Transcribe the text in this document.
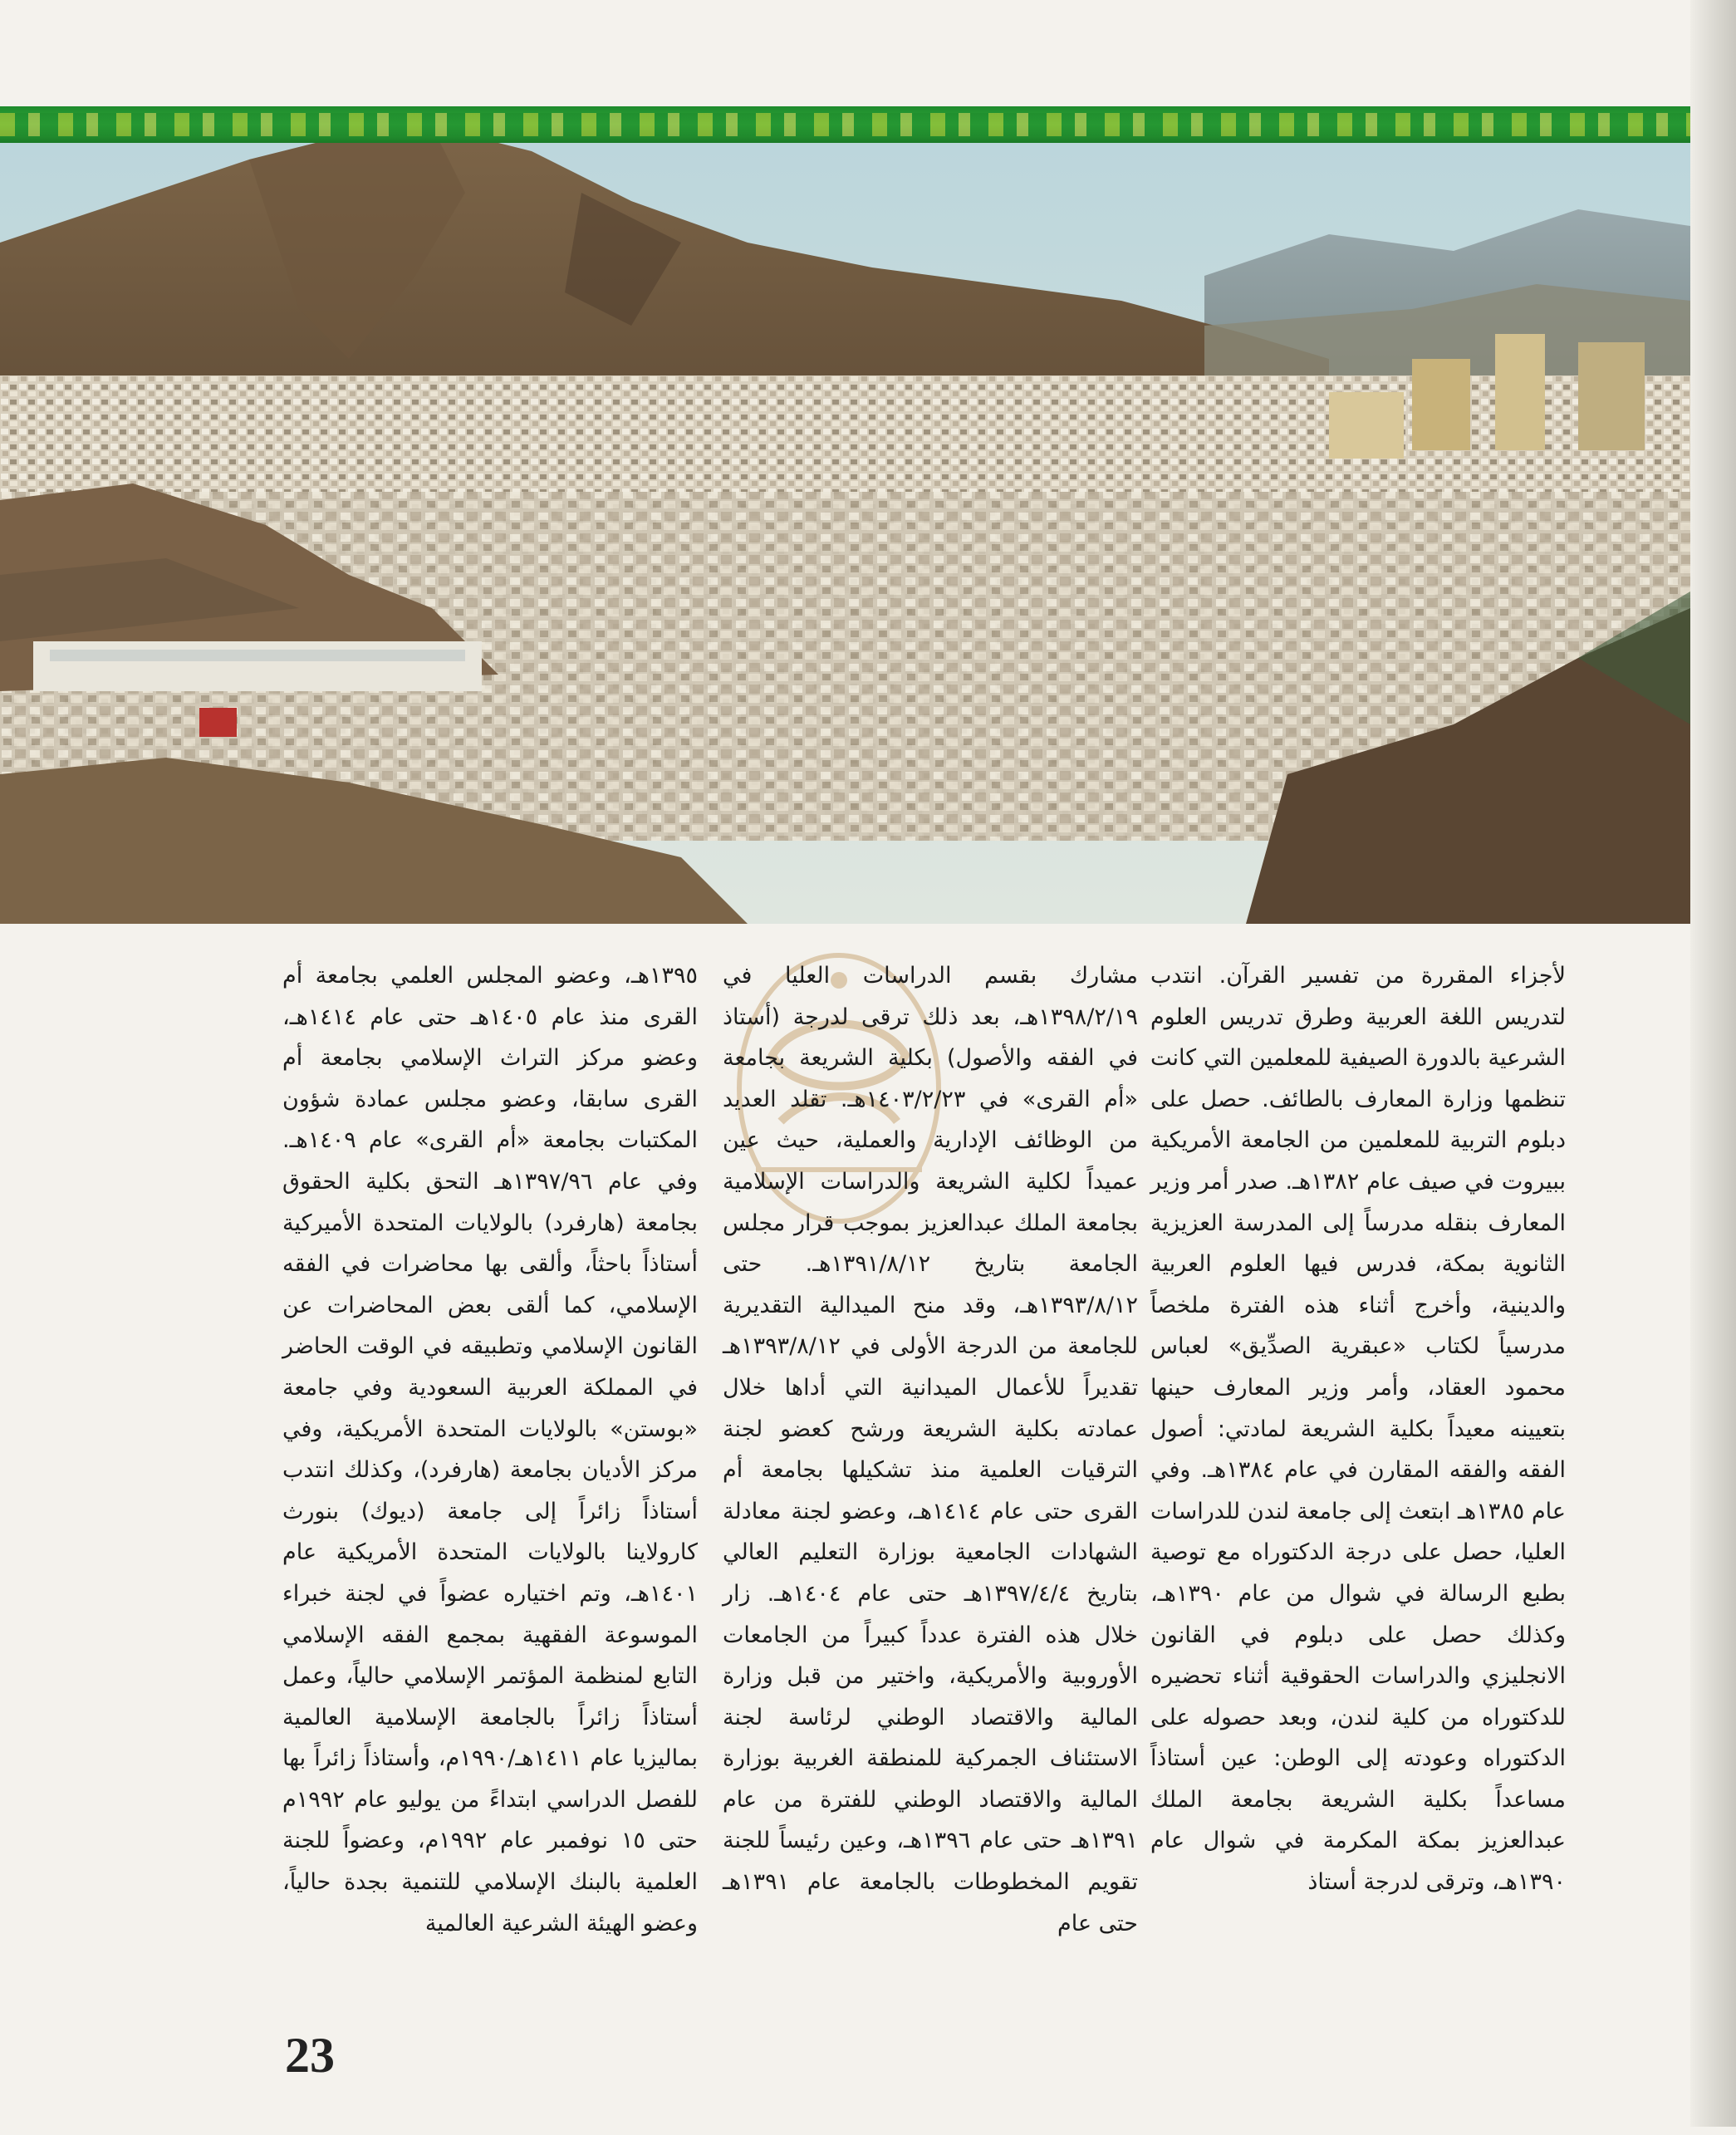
لأجزاء المقررة من تفسير القرآن. انتدب لتدريس اللغة العربية وطرق تدريس العلوم الشرعية بالدورة الصيفية للمعلمين التي كانت تنظمها وزارة المعارف بالطائف. حصل على دبلوم التربية للمعلمين من الجامعة الأمريكية ببيروت في صيف عام ١٣٨٢هـ. صدر أمر وزير المعارف بنقله مدرساً إلى المدرسة العزيزية الثانوية بمكة، فدرس فيها العلوم العربية والدينية، وأخرج أثناء هذه الفترة ملخصاً مدرسياً لكتاب «عبقرية الصدِّيق» لعباس محمود العقاد، وأمر وزير المعارف حينها بتعيينه معيداً بكلية الشريعة لمادتي: أصول الفقه والفقه المقارن في عام ١٣٨٤هـ. وفي عام ١٣٨٥هـ ابتعث إلى جامعة لندن للدراسات العليا، حصل على درجة الدكتوراه مع توصية بطبع الرسالة في شوال من عام ١٣٩٠هـ، وكذلك حصل على دبلوم في القانون الانجليزي والدراسات الحقوقية أثناء تحضيره للدكتوراه من كلية لندن، وبعد حصوله على الدكتوراه وعودته إلى الوطن: عين أستاذاً مساعداً بكلية الشريعة بجامعة الملك عبدالعزيز بمكة المكرمة في شوال عام ١٣٩٠هـ، وترقى لدرجة أستاذ

مشارك بقسم الدراسات العليا في ١٣٩٨/٢/١٩هـ، بعد ذلك ترقى لدرجة (أستاذ في الفقه والأصول) بكلية الشريعة بجامعة «أم القرى» في ١٤٠٣/٢/٢٣هـ. تقلد العديد من الوظائف الإدارية والعملية، حيث عين عميداً لكلية الشريعة والدراسات الإسلامية بجامعة الملك عبدالعزيز بموجب قرار مجلس الجامعة بتاريخ ١٣٩١/٨/١٢هـ. حتى ١٣٩٣/٨/١٢هـ، وقد منح الميدالية التقديرية للجامعة من الدرجة الأولى في ١٣٩٣/٨/١٢هـ تقديراً للأعمال الميدانية التي أداها خلال عمادته بكلية الشريعة ورشح كعضو لجنة الترقيات العلمية منذ تشكيلها بجامعة أم القرى حتى عام ١٤١٤هـ، وعضو لجنة معادلة الشهادات الجامعية بوزارة التعليم العالي بتاريخ ١٣٩٧/٤/٤هـ حتى عام ١٤٠٤هـ. زار خلال هذه الفترة عدداً كبيراً من الجامعات الأوروبية والأمريكية، واختير من قبل وزارة المالية والاقتصاد الوطني لرئاسة لجنة الاستئناف الجمركية للمنطقة الغربية بوزارة المالية والاقتصاد الوطني للفترة من عام ١٣٩١هـ حتى عام ١٣٩٦هـ، وعين رئيساً للجنة تقويم المخطوطات بالجامعة عام ١٣٩١هـ حتى عام

١٣٩٥هـ، وعضو المجلس العلمي بجامعة أم القرى منذ عام ١٤٠٥هـ حتى عام ١٤١٤هـ، وعضو مركز التراث الإسلامي بجامعة أم القرى سابقا، وعضو مجلس عمادة شؤون المكتبات بجامعة «أم القرى» عام ١٤٠٩هـ. وفي عام ١٣٩٧/٩٦هـ التحق بكلية الحقوق بجامعة (هارفرد) بالولايات المتحدة الأميركية أستاذاً باحثاً، وألقى بها محاضرات في الفقه الإسلامي، كما ألقى بعض المحاضرات عن القانون الإسلامي وتطبيقه في الوقت الحاضر في المملكة العربية السعودية وفي جامعة «بوستن» بالولايات المتحدة الأمريكية، وفي مركز الأديان بجامعة (هارفرد)، وكذلك انتدب أستاذاً زائراً إلى جامعة (ديوك) بنورث كارولاينا بالولايات المتحدة الأمريكية عام ١٤٠١هـ، وتم اختياره عضواً في لجنة خبراء الموسوعة الفقهية بمجمع الفقه الإسلامي التابع لمنظمة المؤتمر الإسلامي حالياً، وعمل أستاذاً زائراً بالجامعة الإسلامية العالمية بماليزيا عام ١٤١١هـ/١٩٩٠م، وأستاذاً زائراً بها للفصل الدراسي ابتداءً من يوليو عام ١٩٩٢م حتى ١٥ نوفمبر عام ١٩٩٢م، وعضواً للجنة العلمية بالبنك الإسلامي للتنمية بجدة حالياً، وعضو الهيئة الشرعية العالمية

23
